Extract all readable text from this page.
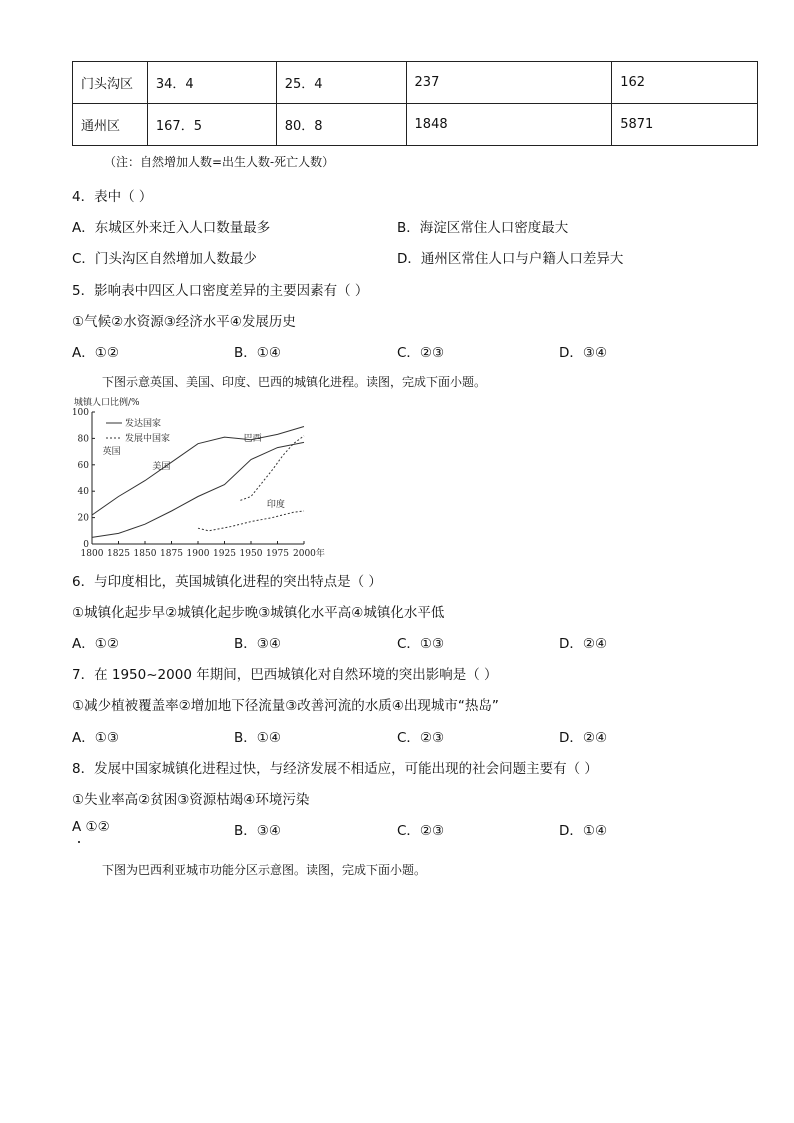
门头沟区	34．4	25．4	237	162
通州区	167．5	80．8	1848	5871
（注：自然增加人数=出生人数-死亡人数）
4．表中（ ）
A．东城区外来迁入人口数量最多	B．海淀区常住人口密度最大
C．门头沟区自然增加人数最少	D．通州区常住人口与户籍人口差异大
5．影响表中四区人口密度差异的主要因素有（ ）
①气候②水资源③经济水平④发展历史
A．①②	B．①④	C．②③	D．③④
下图示意英国、美国、印度、巴西的城镇化进程。读图，完成下面小题。
城镇人口比例/%
0
20
40
60
80
100
1800 1825 1850 1875 1900 1925 1950 1975 2000年
英国
美国
巴西
印度
发达国家
发展中国家
6．与印度相比，英国城镇化进程的突出特点是（ ）
①城镇化起步早②城镇化起步晚③城镇化水平高④城镇化水平低
A．①②	B．③④	C．①③	D．②④
7．在 1950~2000 年期间，巴西城镇化对自然环境的突出影响是（ ）
①减少植被覆盖率②增加地下径流量③改善河流的水质④出现城市“热岛”
A．①③	B．①④	C．②③	D．②④
8．发展中国家城镇化进程过快，与经济发展不相适应，可能出现的社会问题主要有（ ）
①失业率高②贫困③资源枯竭④环境污染
A ①②	B．③④	C．②③	D．①④
下图为巴西利亚城市功能分区示意图。读图，完成下面小题。
